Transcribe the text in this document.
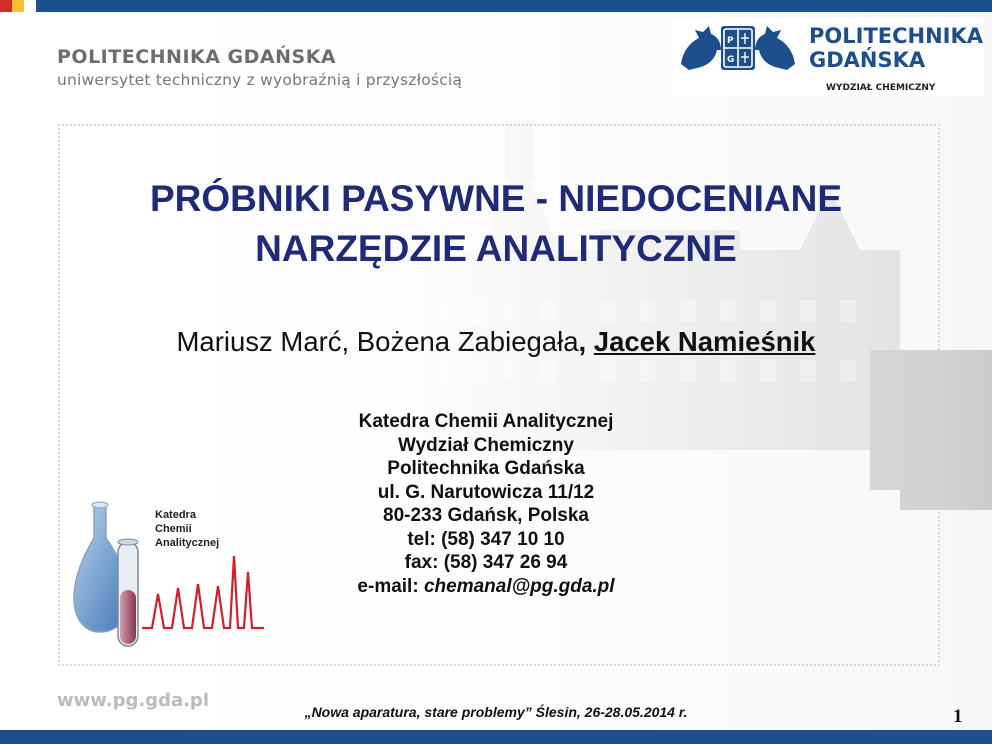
POLITECHNIKA GDAŃSKA
uniwersytet techniczny z wyobraźnią i przyszłością
P
G
POLITECHNIKA
GDAŃSKA
WYDZIAŁ CHEMICZNY
PRÓBNIKI PASYWNE - NIEDOCENIANE
NARZĘDZIE ANALITYCZNE
Mariusz Marć, Bożena Zabiegała, Jacek Namieśnik
Katedra Chemii Analitycznej
Wydział Chemiczny
Politechnika Gdańska
ul. G. Narutowicza 11/12
80-233 Gdańsk, Polska
tel: (58) 347 10 10
fax: (58) 347 26 94
e-mail: chemanal@pg.gda.pl
Katedra
Chemii
Analitycznej
www.pg.gda.pl
„Nowa aparatura, stare problemy” Ślesin, 26-28.05.2014 r.	1
